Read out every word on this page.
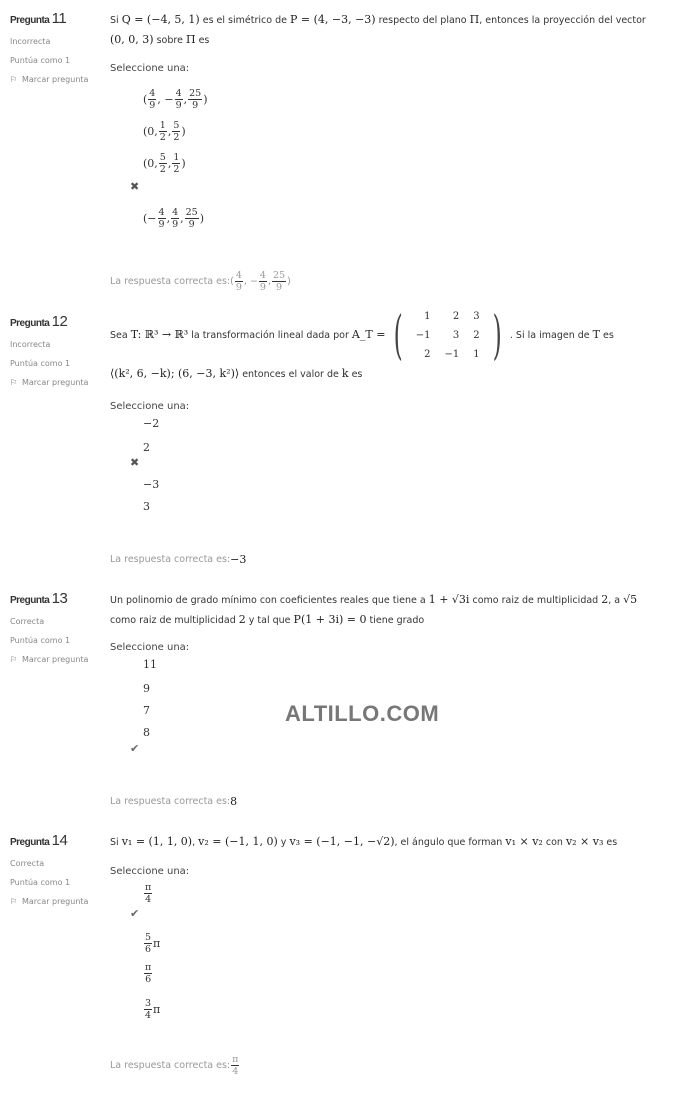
ALTILLO.COM
Pregunta 11
Incorrecta
Puntúa como 1
⚐ Marcar pregunta
Si Q = (−4, 5, 1) es el simétrico de P = (4, −3, −3) respecto del plano Π, entonces la proyección del vector
(0, 0, 3) sobre Π es
Seleccione una:
( $\frac{4}{9}$ , − $\frac{4}{9}$ , $\frac{25}{9}$ )
(0, $\frac{1}{2}$ , $\frac{5}{2}$ )
(0, $\frac{5}{2}$ , $\frac{1}{2}$ )
(− $\frac{4}{9}$ , $\frac{4}{9}$ , $\frac{25}{9}$ )
✖
La respuesta correcta es: ( $\frac{4}{9}$ , − $\frac{4}{9}$ , $\frac{25}{9}$ )
Pregunta 12
Incorrecta
Puntúa como 1
⚐ Marcar pregunta
Sea T: ℝ³ → ℝ³ la transformación lineal dada por A_T = ( 1	2	3
−1	3	2
2	−1	1 ) . Si la imagen de T es
⟨(k², 6, −k); (6, −3, k²)⟩ entonces el valor de k es
Seleccione una:
−2
2
−3
3
✖
La respuesta correcta es: −3
Pregunta 13
Correcta
Puntúa como 1
⚐ Marcar pregunta
Un polinomio de grado mínimo con coeficientes reales que tiene a 1 + √3i como raiz de multiplicidad 2, a √5
como raiz de multiplicidad 2 y tal que P(1 + 3i) = 0 tiene grado
Seleccione una:
11
9
7
8
✔
La respuesta correcta es: 8
Pregunta 14
Correcta
Puntúa como 1
⚐ Marcar pregunta
Si v₁ = (1, 1, 0), v₂ = (−1, 1, 0) y v₃ = (−1, −1, −√2), el ángulo que forman v₁ × v₂ con v₂ × v₃ es
Seleccione una:
$\frac{\pi}{4}$
$\frac{5}{6}$ π
$\frac{\pi}{6}$
$\frac{3}{4}$ π
✔
La respuesta correcta es: $\frac{\pi}{4}$
